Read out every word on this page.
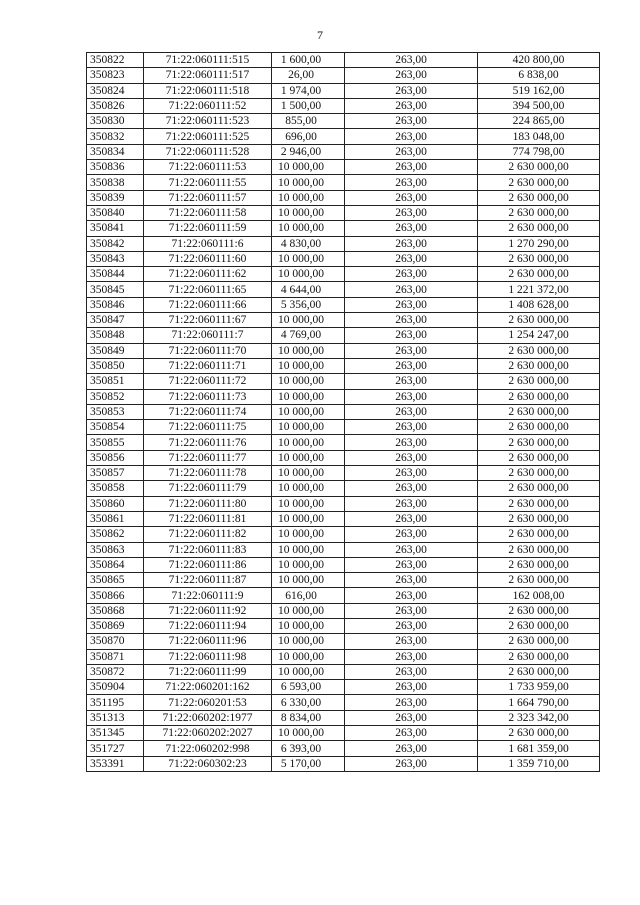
7
350822	71:22:060111:515	1 600,00	263,00	420 800,00
350823	71:22:060111:517	26,00	263,00	6 838,00
350824	71:22:060111:518	1 974,00	263,00	519 162,00
350826	71:22:060111:52	1 500,00	263,00	394 500,00
350830	71:22:060111:523	855,00	263,00	224 865,00
350832	71:22:060111:525	696,00	263,00	183 048,00
350834	71:22:060111:528	2 946,00	263,00	774 798,00
350836	71:22:060111:53	10 000,00	263,00	2 630 000,00
350838	71:22:060111:55	10 000,00	263,00	2 630 000,00
350839	71:22:060111:57	10 000,00	263,00	2 630 000,00
350840	71:22:060111:58	10 000,00	263,00	2 630 000,00
350841	71:22:060111:59	10 000,00	263,00	2 630 000,00
350842	71:22:060111:6	4 830,00	263,00	1 270 290,00
350843	71:22:060111:60	10 000,00	263,00	2 630 000,00
350844	71:22:060111:62	10 000,00	263,00	2 630 000,00
350845	71:22:060111:65	4 644,00	263,00	1 221 372,00
350846	71:22:060111:66	5 356,00	263,00	1 408 628,00
350847	71:22:060111:67	10 000,00	263,00	2 630 000,00
350848	71:22:060111:7	4 769,00	263,00	1 254 247,00
350849	71:22:060111:70	10 000,00	263,00	2 630 000,00
350850	71:22:060111:71	10 000,00	263,00	2 630 000,00
350851	71:22:060111:72	10 000,00	263,00	2 630 000,00
350852	71:22:060111:73	10 000,00	263,00	2 630 000,00
350853	71:22:060111:74	10 000,00	263,00	2 630 000,00
350854	71:22:060111:75	10 000,00	263,00	2 630 000,00
350855	71:22:060111:76	10 000,00	263,00	2 630 000,00
350856	71:22:060111:77	10 000,00	263,00	2 630 000,00
350857	71:22:060111:78	10 000,00	263,00	2 630 000,00
350858	71:22:060111:79	10 000,00	263,00	2 630 000,00
350860	71:22:060111:80	10 000,00	263,00	2 630 000,00
350861	71:22:060111:81	10 000,00	263,00	2 630 000,00
350862	71:22:060111:82	10 000,00	263,00	2 630 000,00
350863	71:22:060111:83	10 000,00	263,00	2 630 000,00
350864	71:22:060111:86	10 000,00	263,00	2 630 000,00
350865	71:22:060111:87	10 000,00	263,00	2 630 000,00
350866	71:22:060111:9	616,00	263,00	162 008,00
350868	71:22:060111:92	10 000,00	263,00	2 630 000,00
350869	71:22:060111:94	10 000,00	263,00	2 630 000,00
350870	71:22:060111:96	10 000,00	263,00	2 630 000,00
350871	71:22:060111:98	10 000,00	263,00	2 630 000,00
350872	71:22:060111:99	10 000,00	263,00	2 630 000,00
350904	71:22:060201:162	6 593,00	263,00	1 733 959,00
351195	71:22:060201:53	6 330,00	263,00	1 664 790,00
351313	71:22:060202:1977	8 834,00	263,00	2 323 342,00
351345	71:22:060202:2027	10 000,00	263,00	2 630 000,00
351727	71:22:060202:998	6 393,00	263,00	1 681 359,00
353391	71:22:060302:23	5 170,00	263,00	1 359 710,00
